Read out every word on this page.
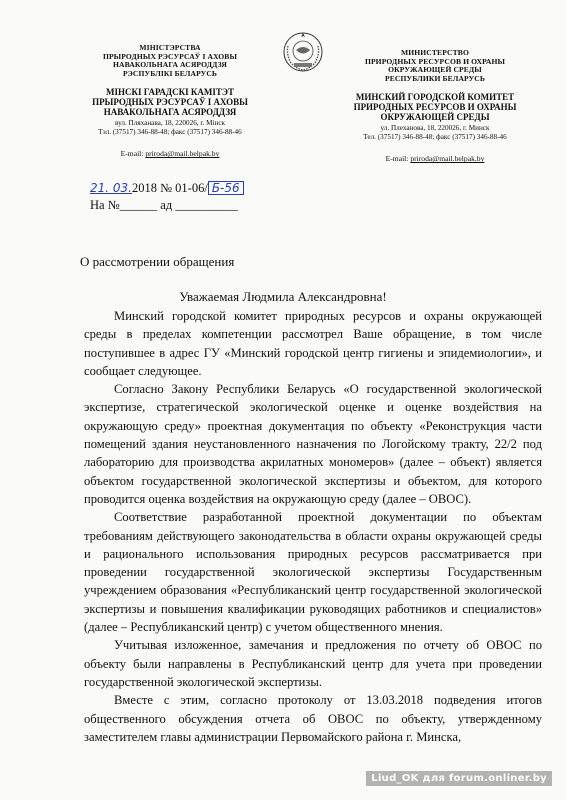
МІНІСТЭРСТВА
ПРЫРОДНЫХ РЭСУРСАЎ І АХОВЫ
НАВАКОЛЬНАГА АСЯРОДДЗЯ
РЭСПУБЛІКІ БЕЛАРУСЬ
МІНСКІ ГАРАДСКІ КАМІТЭТ
ПРЫРОДНЫХ РЭСУРСАЎ І АХОВЫ
НАВАКОЛЬНАГА АСЯРОДДЗЯ
вул. Пляханава, 18, 220026, г. Мінск
Тэл. (37517) 346-88-48; факс (37517) 346-88-46
E-mail: priroda@mail.belpak.by
МИНИСТЕРСТВО
ПРИРОДНЫХ РЕСУРСОВ И ОХРАНЫ
ОКРУЖАЮЩЕЙ СРЕДЫ
РЕСПУБЛИКИ БЕЛАРУСЬ
МИНСКИЙ ГОРОДСКОЙ КОМИТЕТ
ПРИРОДНЫХ РЕСУРСОВ И ОХРАНЫ
ОКРУЖАЮЩЕЙ СРЕДЫ
ул. Плеханова, 18, 220026, г. Минск
Тел. (37517) 346-88-48; факс (37517) 346-88-46
E-mail: priroda@mail.belpak.by
21. 03.2018 № 01-06/ Б-56
На №______ ад __________
О рассмотрении обращения
Уважаемая Людмила Александровна!

Минский городской комитет природных ресурсов и охраны окружающей среды в пределах компетенции рассмотрел Ваше обращение, в том числе поступившее в адрес ГУ «Минский городской центр гигиены и эпидемиологии», и сообщает следующее.

Согласно Закону Республики Беларусь «О государственной экологической экспертизе, стратегической экологической оценке и оценке воздействия на окружающую среду» проектная документация по объекту «Реконструкция части помещений здания неустановленного назначения по Логойскому тракту, 22/2 под лабораторию для производства акрилатных мономеров» (далее – объект) является объектом государственной экологической экспертизы и объектом, для которого проводится оценка воздействия на окружающую среду (далее – ОВОС).

Соответствие разработанной проектной документации по объектам требованиям действующего законодательства в области охраны окружающей среды и рационального использования природных ресурсов рассматривается при проведении государственной экологической экспертизы Государственным учреждением образования «Республиканский центр государственной экологической экспертизы и повышения квалификации руководящих работников и специалистов» (далее – Республиканский центр) с учетом общественного мнения.

Учитывая изложенное, замечания и предложения по отчету об ОВОС по объекту были направлены в Республиканский центр для учета при проведении государственной экологической экспертизы.

Вместе с этим, согласно протоколу от 13.03.2018 подведения итогов общественного обсуждения отчета об ОВОС по объекту, утвержденному заместителем главы администрации Первомайского района г. Минска,

Liud_OK для forum.onliner.by
